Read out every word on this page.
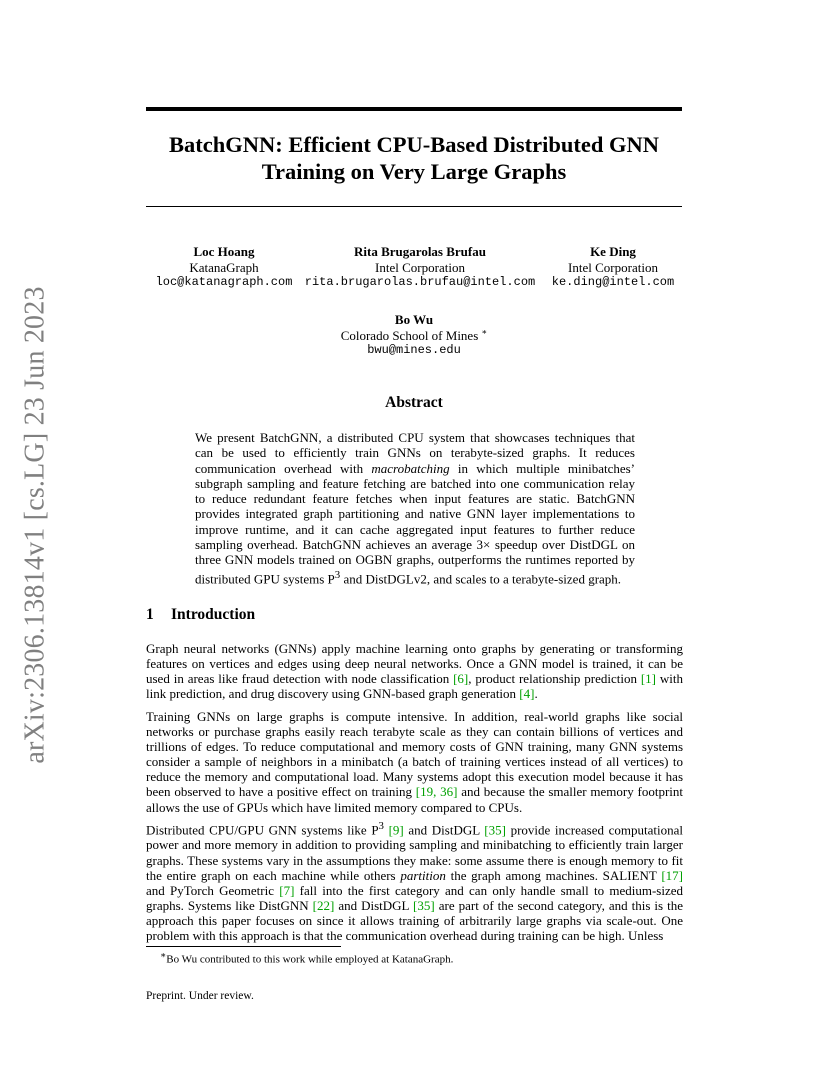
arXiv:2306.13814v1 [cs.LG] 23 Jun 2023
BatchGNN: Efficient CPU-Based Distributed GNN
Training on Very Large Graphs
Loc Hoang
KatanaGraph
loc@katanagraph.com
Rita Brugarolas Brufau
Intel Corporation
rita.brugarolas.brufau@intel.com
Ke Ding
Intel Corporation
ke.ding@intel.com
Bo Wu
Colorado School of Mines ∗
bwu@mines.edu
Abstract

We present BatchGNN, a distributed CPU system that showcases techniques that can be used to efficiently train GNNs on terabyte-sized graphs. It reduces communication overhead with macrobatching in which multiple minibatches’ subgraph sampling and feature fetching are batched into one communication relay to reduce redundant feature fetches when input features are static. BatchGNN provides integrated graph partitioning and native GNN layer implementations to improve runtime, and it can cache aggregated input features to further reduce sampling overhead. BatchGNN achieves an average 3× speedup over DistDGL on three GNN models trained on OGBN graphs, outperforms the runtimes reported by distributed GPU systems $P^3$ and DistDGLv2, and scales to a terabyte-sized graph.

1 Introduction

Graph neural networks (GNNs) apply machine learning onto graphs by generating or transforming features on vertices and edges using deep neural networks. Once a GNN model is trained, it can be used in areas like fraud detection with node classification [6], product relationship prediction [1] with link prediction, and drug discovery using GNN-based graph generation [4].

Training GNNs on large graphs is compute intensive. In addition, real-world graphs like social networks or purchase graphs easily reach terabyte scale as they can contain billions of vertices and trillions of edges. To reduce computational and memory costs of GNN training, many GNN systems consider a sample of neighbors in a minibatch (a batch of training vertices instead of all vertices) to reduce the memory and computational load. Many systems adopt this execution model because it has been observed to have a positive effect on training [19, 36] and because the smaller memory footprint allows the use of GPUs which have limited memory compared to CPUs.

Distributed CPU/GPU GNN systems like $P^3$ [9] and DistDGL [35] provide increased computational power and more memory in addition to providing sampling and minibatching to efficiently train larger graphs. These systems vary in the assumptions they make: some assume there is enough memory to fit the entire graph on each machine while others partition the graph among machines. SALIENT [17] and PyTorch Geometric [7] fall into the first category and can only handle small to medium-sized graphs. Systems like DistGNN [22] and DistDGL [35] are part of the second category, and this is the approach this paper focuses on since it allows training of arbitrarily large graphs via scale-out. One problem with this approach is that the communication overhead during training can be high. Unless

∗Bo Wu contributed to this work while employed at KatanaGraph.

Preprint. Under review.
